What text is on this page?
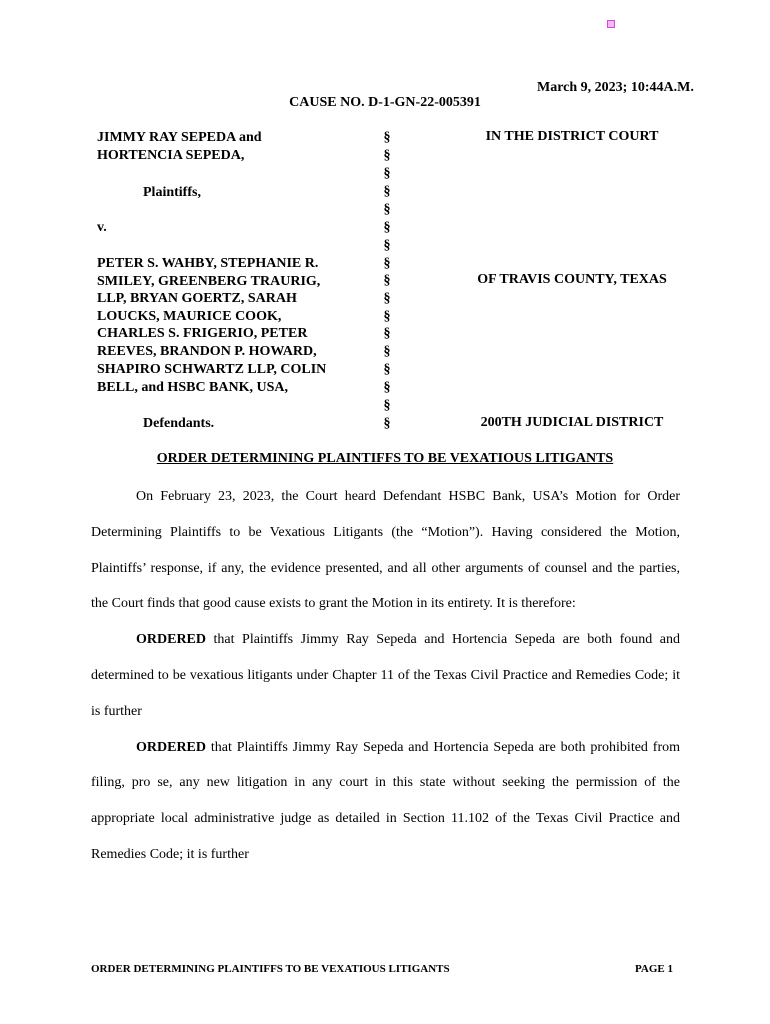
March 9, 2023; 10:44A.M.
CAUSE NO. D-1-GN-22-005391
JIMMY RAY SEPEDA and
HORTENCIA SEPEDA,
Plaintiffs,
v.
PETER S. WAHBY, STEPHANIE R.
SMILEY, GREENBERG TRAURIG,
LLP, BRYAN GOERTZ, SARAH
LOUCKS, MAURICE COOK,
CHARLES S. FRIGERIO, PETER
REEVES, BRANDON P. HOWARD,
SHAPIRO SCHWARTZ LLP, COLIN
BELL, and HSBC BANK, USA,
Defendants.
§
§
§
§
§
§
§
§
§
§
§
§
§
§
§
§
§
IN THE DISTRICT COURT
OF TRAVIS COUNTY, TEXAS
200TH JUDICIAL DISTRICT
ORDER DETERMINING PLAINTIFFS TO BE VEXATIOUS LITIGANTS

On February 23, 2023, the Court heard Defendant HSBC Bank, USA’s Motion for Order Determining Plaintiffs to be Vexatious Litigants (the “Motion”). Having considered the Motion, Plaintiffs’ response, if any, the evidence presented, and all other arguments of counsel and the parties, the Court finds that good cause exists to grant the Motion in its entirety. It is therefore:

ORDERED that Plaintiffs Jimmy Ray Sepeda and Hortencia Sepeda are both found and determined to be vexatious litigants under Chapter 11 of the Texas Civil Practice and Remedies Code; it is further

ORDERED that Plaintiffs Jimmy Ray Sepeda and Hortencia Sepeda are both prohibited from filing, pro se, any new litigation in any court in this state without seeking the permission of the appropriate local administrative judge as detailed in Section 11.102 of the Texas Civil Practice and Remedies Code; it is further

ORDER DETERMINING PLAINTIFFS TO BE VEXATIOUS LITIGANTS	PAGE 1
